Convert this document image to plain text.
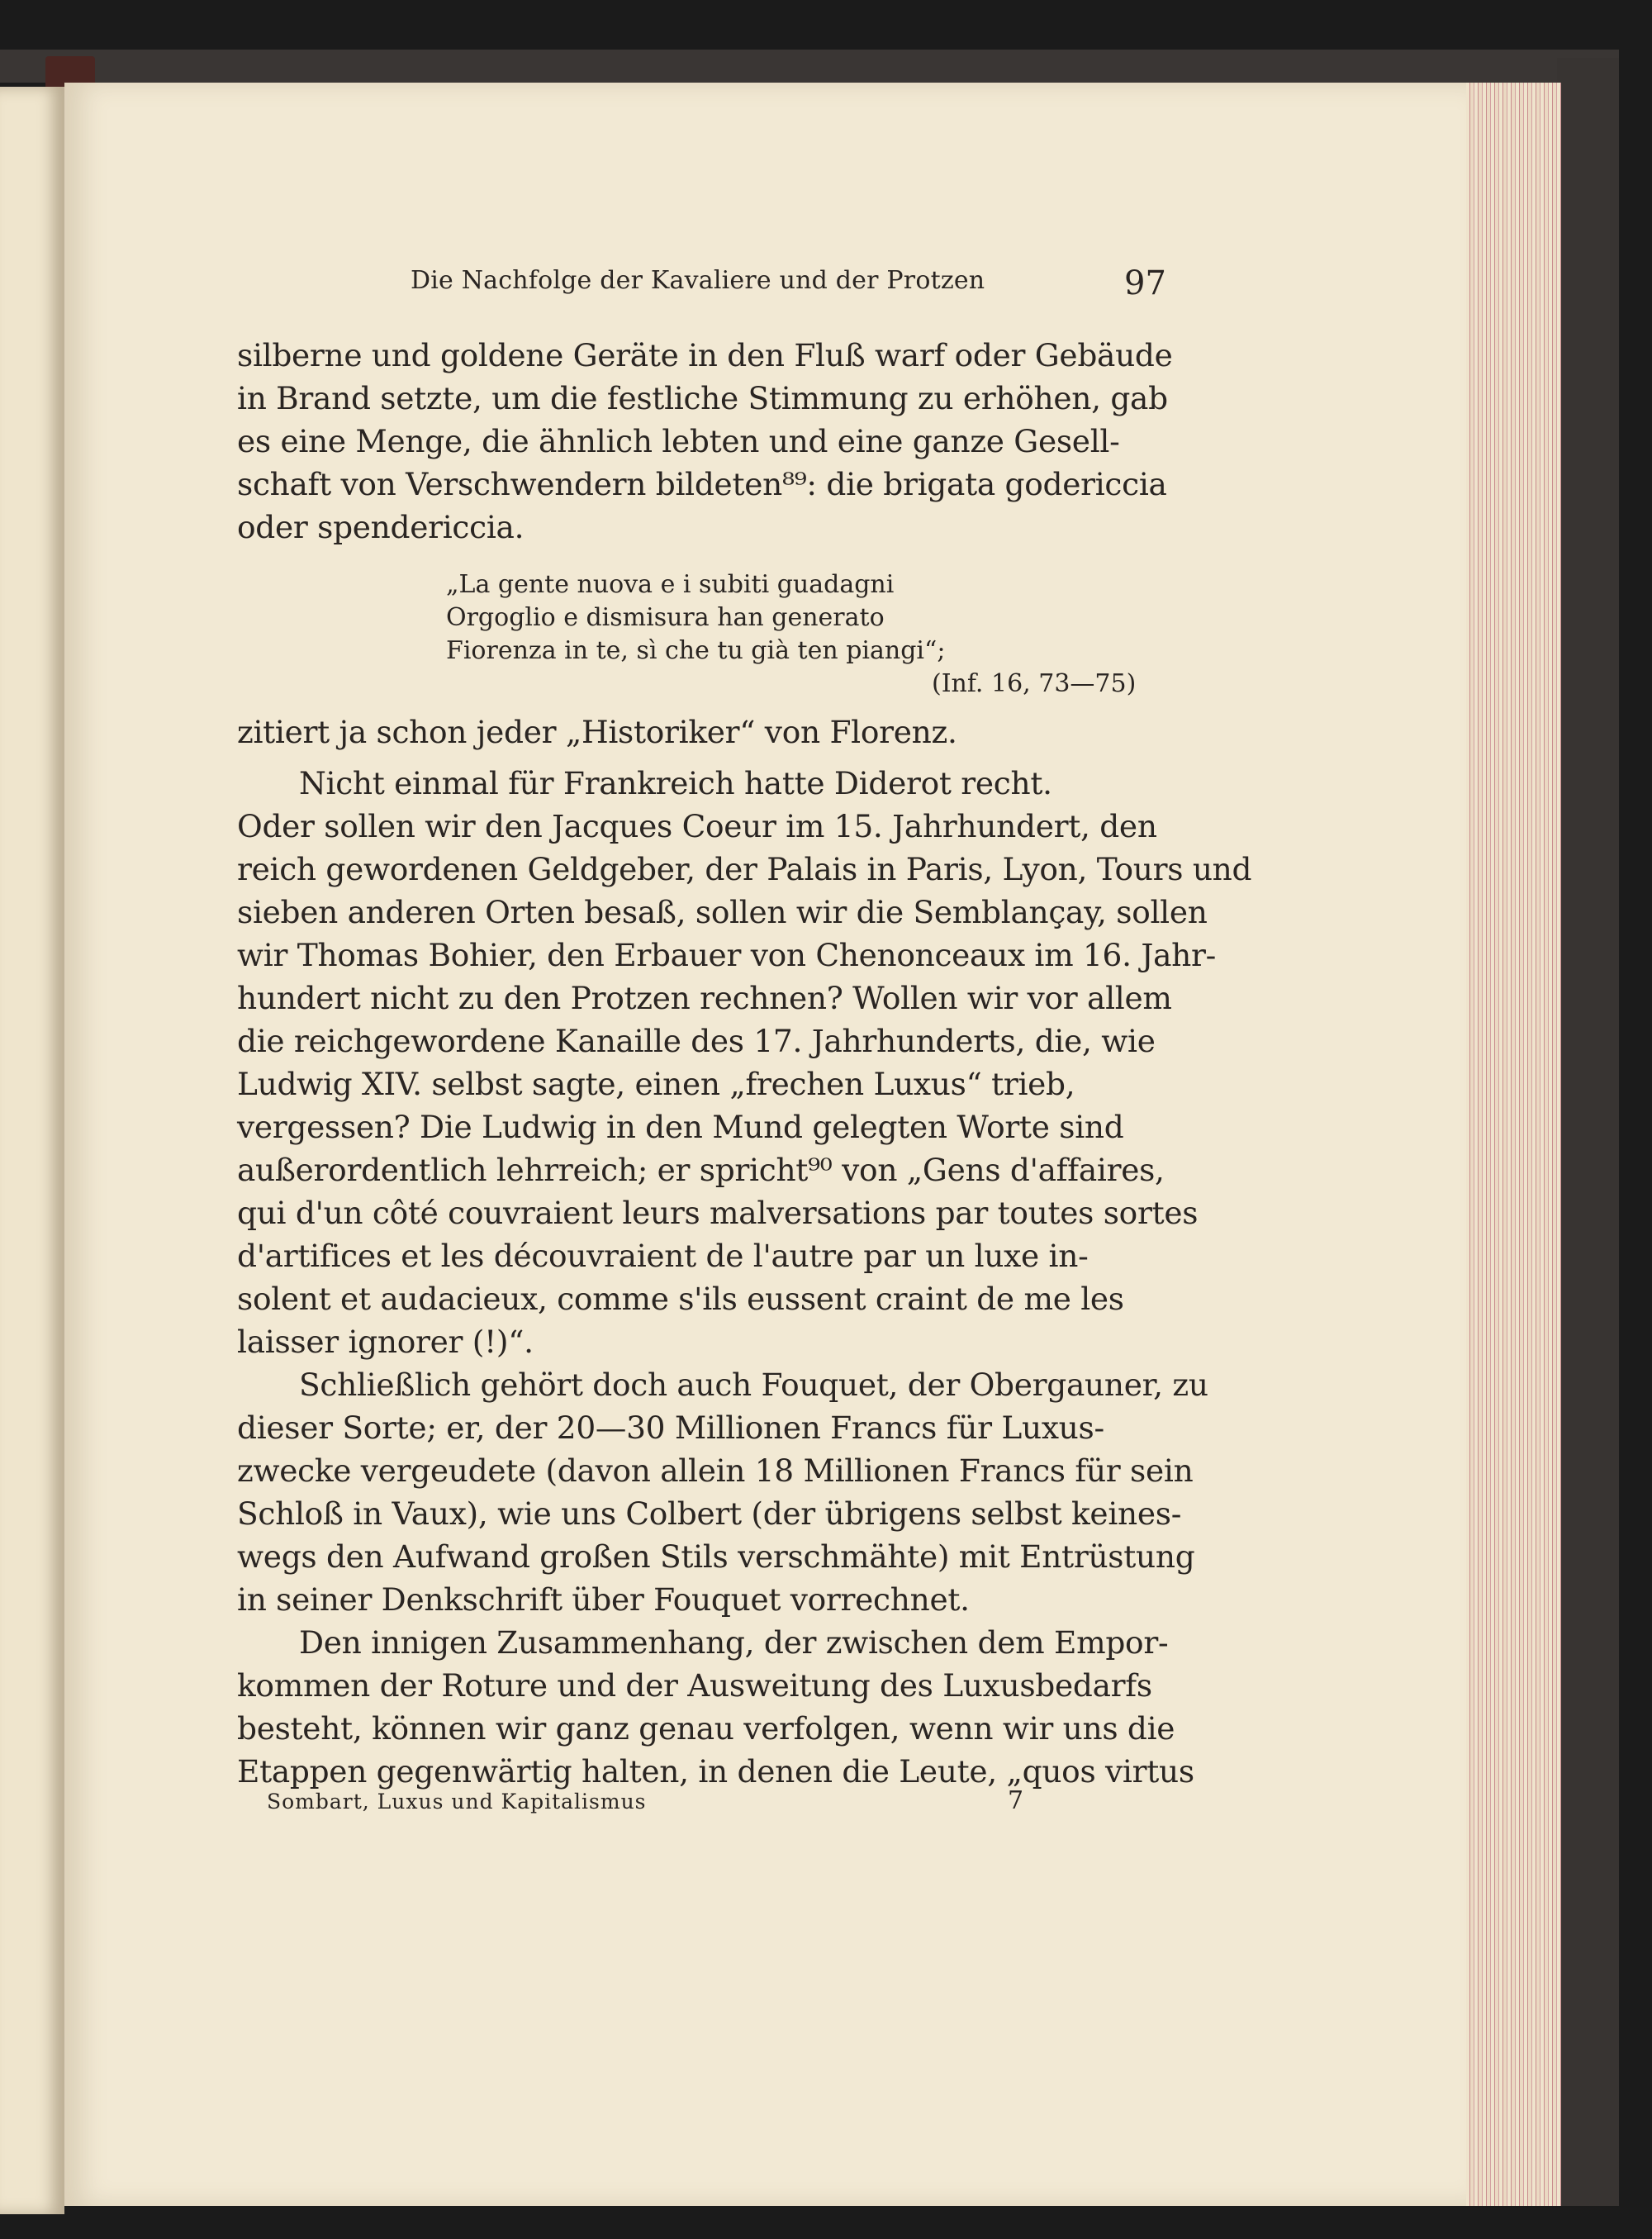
Die Nachfolge der Kavaliere und der Protzen	97

silberne und goldene Geräte in den Fluß warf oder Gebäude

in Brand setzte, um die festliche Stimmung zu erhöhen, gab

es eine Menge, die ähnlich lebten und eine ganze Gesell-

schaft von Verschwendern bildeten⁸⁹: die brigata godericcia

oder spendericcia.

„La gente nuova e i subiti guadagni

Orgoglio e dismisura han generato

Fiorenza in te, sì che tu già ten piangi“;

(Inf. 16, 73—75)

zitiert ja schon jeder „Historiker“ von Florenz.

Nicht einmal für Frankreich hatte Diderot recht.

Oder sollen wir den Jacques Coeur im 15. Jahrhundert, den

reich gewordenen Geldgeber, der Palais in Paris, Lyon, Tours und

sieben anderen Orten besaß, sollen wir die Semblançay, sollen

wir Thomas Bohier, den Erbauer von Chenonceaux im 16. Jahr-

hundert nicht zu den Protzen rechnen? Wollen wir vor allem

die reichgewordene Kanaille des 17. Jahrhunderts, die, wie

Ludwig XIV. selbst sagte, einen „frechen Luxus“ trieb,

vergessen? Die Ludwig in den Mund gelegten Worte sind

außerordentlich lehrreich; er spricht⁹⁰ von „Gens d'affaires,

qui d'un côté couvraient leurs malversations par toutes sortes

d'artifices et les découvraient de l'autre par un luxe in-

solent et audacieux, comme s'ils eussent craint de me les

laisser ignorer (!)“.

Schließlich gehört doch auch Fouquet, der Obergauner, zu

dieser Sorte; er, der 20—30 Millionen Francs für Luxus-

zwecke vergeudete (davon allein 18 Millionen Francs für sein

Schloß in Vaux), wie uns Colbert (der übrigens selbst keines-

wegs den Aufwand großen Stils verschmähte) mit Entrüstung

in seiner Denkschrift über Fouquet vorrechnet.

Den innigen Zusammenhang, der zwischen dem Empor-

kommen der Roture und der Ausweitung des Luxusbedarfs

besteht, können wir ganz genau verfolgen, wenn wir uns die

Etappen gegenwärtig halten, in denen die Leute, „quos virtus

Sombart, Luxus und Kapitalismus	7
